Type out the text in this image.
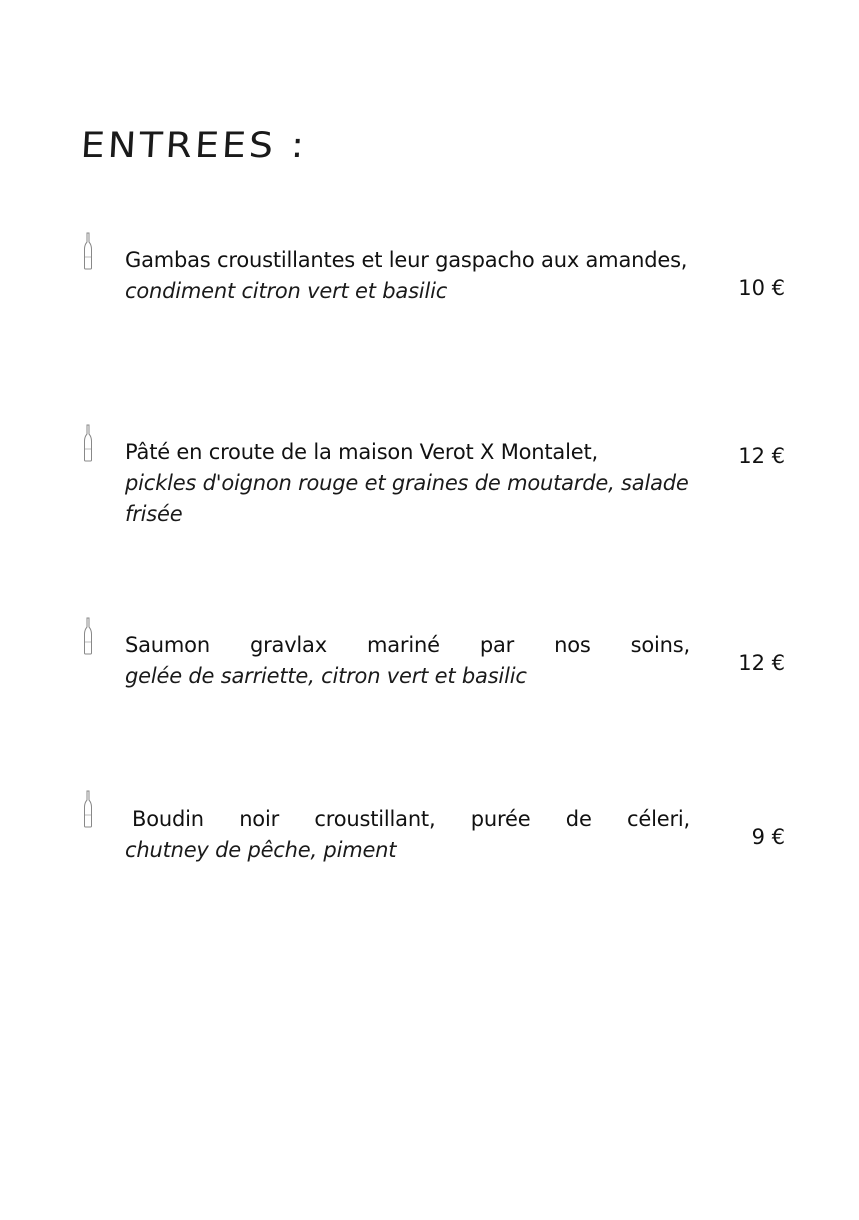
ENTREES :
Gambas croustillantes et leur gaspacho aux amandes,
condiment citron vert et basilic	10 €
Pâté en croute de la maison Verot X Montalet,
pickles d'oignon rouge et graines de moutarde, salade frisée
12 €
Saumon gravlax mariné par nos soins,
gelée de sarriette, citron vert et basilic
12 €
Boudin noir croustillant, purée de céleri,
chutney de pêche, piment
9 €
